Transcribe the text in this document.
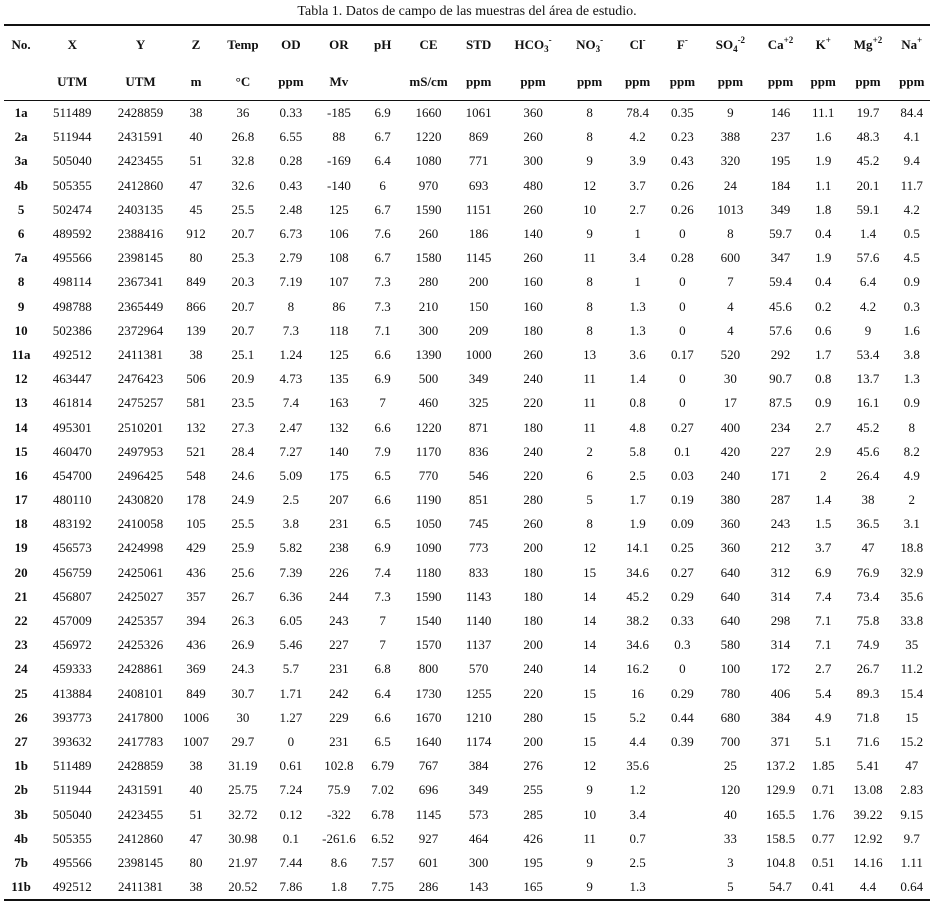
Tabla 1. Datos de campo de las muestras del área de estudio.
No.	X	Y	Z	Temp	OD	OR	pH	CE	STD	$HCO_3^-$	$NO_3^-$	Cl-	F-	$SO_4^{-2}$	$Ca^{+2}$	K+	$Mg^{+2}$	Na+
	UTM	UTM	m	°C	ppm	Mv		mS/cm	ppm	ppm	ppm	ppm	ppm	ppm	ppm	ppm	ppm	ppm
1a	511489	2428859	38	36	0.33	-185	6.9	1660	1061	360	8	78.4	0.35	9	146	11.1	19.7	84.4
2a	511944	2431591	40	26.8	6.55	88	6.7	1220	869	260	8	4.2	0.23	388	237	1.6	48.3	4.1
3a	505040	2423455	51	32.8	0.28	-169	6.4	1080	771	300	9	3.9	0.43	320	195	1.9	45.2	9.4
4b	505355	2412860	47	32.6	0.43	-140	6	970	693	480	12	3.7	0.26	24	184	1.1	20.1	11.7
5	502474	2403135	45	25.5	2.48	125	6.7	1590	1151	260	10	2.7	0.26	1013	349	1.8	59.1	4.2
6	489592	2388416	912	20.7	6.73	106	7.6	260	186	140	9	1	0	8	59.7	0.4	1.4	0.5
7a	495566	2398145	80	25.3	2.79	108	6.7	1580	1145	260	11	3.4	0.28	600	347	1.9	57.6	4.5
8	498114	2367341	849	20.3	7.19	107	7.3	280	200	160	8	1	0	7	59.4	0.4	6.4	0.9
9	498788	2365449	866	20.7	8	86	7.3	210	150	160	8	1.3	0	4	45.6	0.2	4.2	0.3
10	502386	2372964	139	20.7	7.3	118	7.1	300	209	180	8	1.3	0	4	57.6	0.6	9	1.6
11a	492512	2411381	38	25.1	1.24	125	6.6	1390	1000	260	13	3.6	0.17	520	292	1.7	53.4	3.8
12	463447	2476423	506	20.9	4.73	135	6.9	500	349	240	11	1.4	0	30	90.7	0.8	13.7	1.3
13	461814	2475257	581	23.5	7.4	163	7	460	325	220	11	0.8	0	17	87.5	0.9	16.1	0.9
14	495301	2510201	132	27.3	2.47	132	6.6	1220	871	180	11	4.8	0.27	400	234	2.7	45.2	8
15	460470	2497953	521	28.4	7.27	140	7.9	1170	836	240	2	5.8	0.1	420	227	2.9	45.6	8.2
16	454700	2496425	548	24.6	5.09	175	6.5	770	546	220	6	2.5	0.03	240	171	2	26.4	4.9
17	480110	2430820	178	24.9	2.5	207	6.6	1190	851	280	5	1.7	0.19	380	287	1.4	38	2
18	483192	2410058	105	25.5	3.8	231	6.5	1050	745	260	8	1.9	0.09	360	243	1.5	36.5	3.1
19	456573	2424998	429	25.9	5.82	238	6.9	1090	773	200	12	14.1	0.25	360	212	3.7	47	18.8
20	456759	2425061	436	25.6	7.39	226	7.4	1180	833	180	15	34.6	0.27	640	312	6.9	76.9	32.9
21	456807	2425027	357	26.7	6.36	244	7.3	1590	1143	180	14	45.2	0.29	640	314	7.4	73.4	35.6
22	457009	2425357	394	26.3	6.05	243	7	1540	1140	180	14	38.2	0.33	640	298	7.1	75.8	33.8
23	456972	2425326	436	26.9	5.46	227	7	1570	1137	200	14	34.6	0.3	580	314	7.1	74.9	35
24	459333	2428861	369	24.3	5.7	231	6.8	800	570	240	14	16.2	0	100	172	2.7	26.7	11.2
25	413884	2408101	849	30.7	1.71	242	6.4	1730	1255	220	15	16	0.29	780	406	5.4	89.3	15.4
26	393773	2417800	1006	30	1.27	229	6.6	1670	1210	280	15	5.2	0.44	680	384	4.9	71.8	15
27	393632	2417783	1007	29.7	0	231	6.5	1640	1174	200	15	4.4	0.39	700	371	5.1	71.6	15.2
1b	511489	2428859	38	31.19	0.61	102.8	6.79	767	384	276	12	35.6		25	137.2	1.85	5.41	47
2b	511944	2431591	40	25.75	7.24	75.9	7.02	696	349	255	9	1.2		120	129.9	0.71	13.08	2.83
3b	505040	2423455	51	32.72	0.12	-322	6.78	1145	573	285	10	3.4		40	165.5	1.76	39.22	9.15
4b	505355	2412860	47	30.98	0.1	-261.6	6.52	927	464	426	11	0.7		33	158.5	0.77	12.92	9.7
7b	495566	2398145	80	21.97	7.44	8.6	7.57	601	300	195	9	2.5		3	104.8	0.51	14.16	1.11
11b	492512	2411381	38	20.52	7.86	1.8	7.75	286	143	165	9	1.3		5	54.7	0.41	4.4	0.64
